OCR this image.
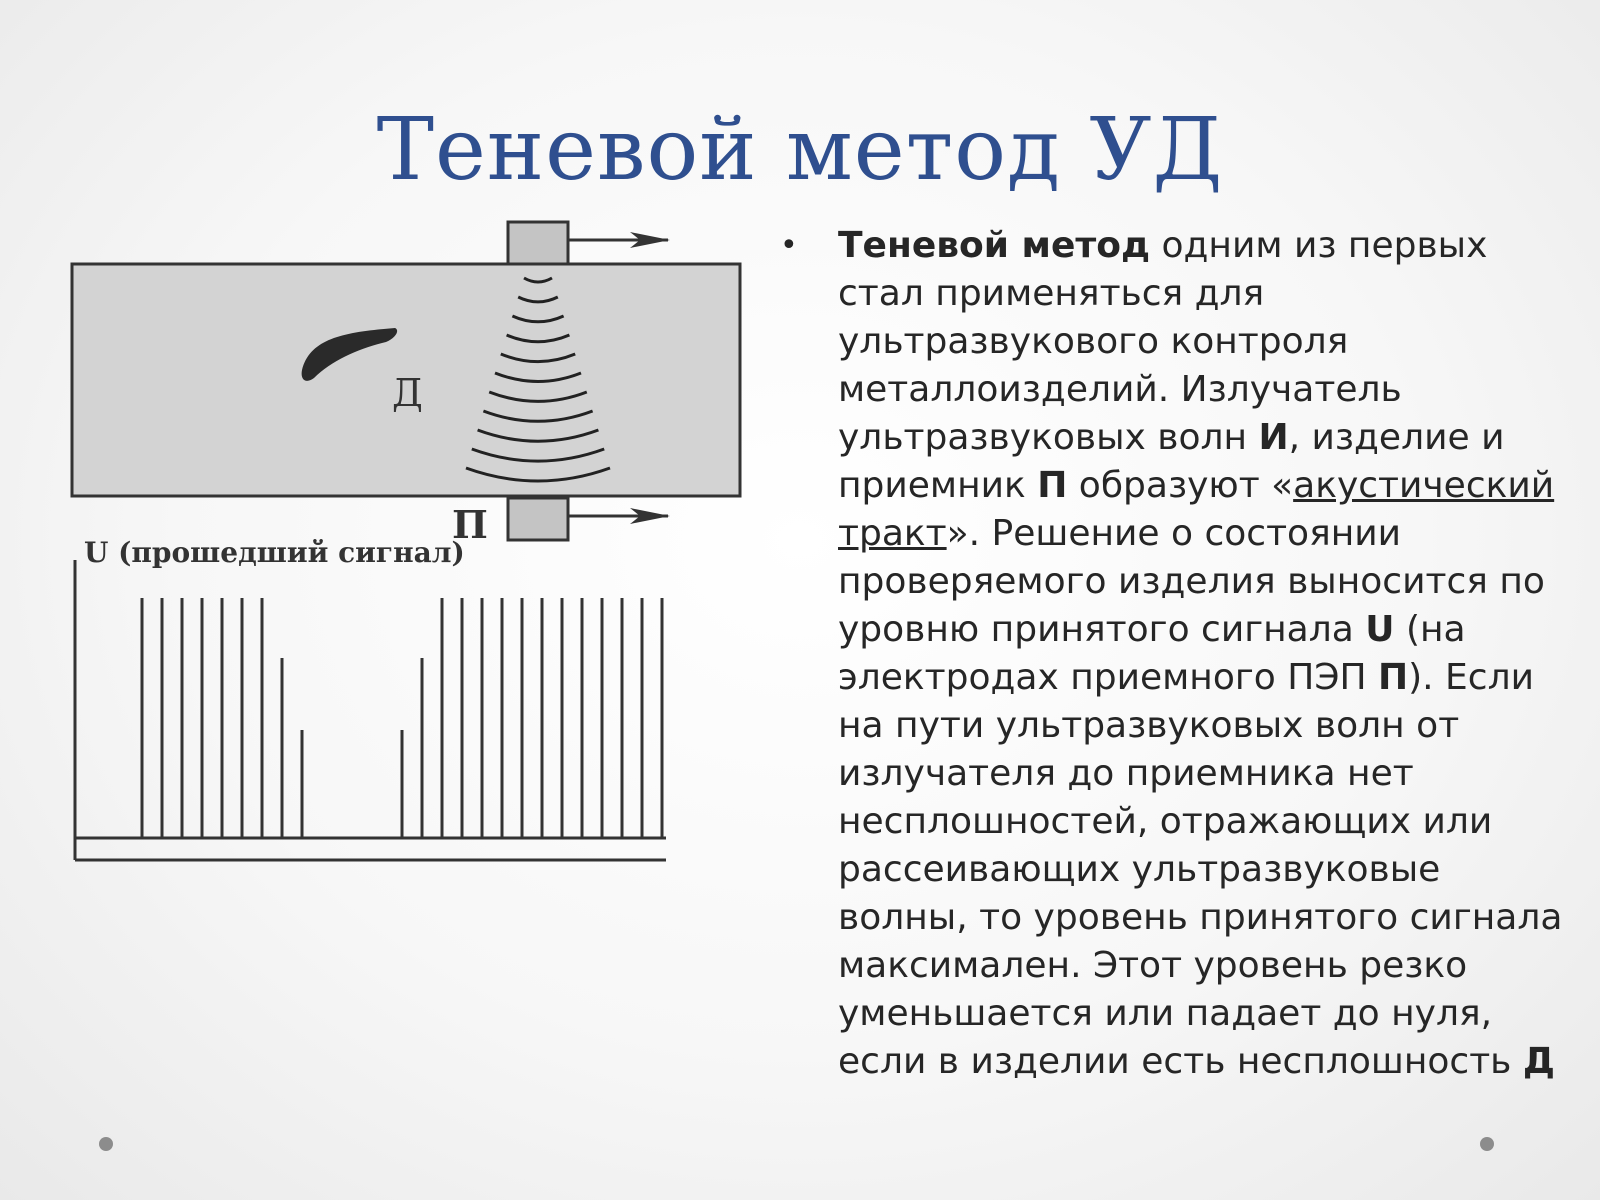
Теневой метод УД
Д
П
U (прошедший сигнал)

• Теневой метод одним из первых стал применяться для ультразвукового контроля металлоизделий. Излучатель ультразвуковых волн И, изделие и приемник П образуют «акустический тракт». Решение о состоянии проверяемого изделия выносится по уровню принятого сигнала U (на электродах приемного ПЭП П). Если на пути ультразвуковых волн от излучателя до приемника нет несплошностей, отражающих или рассеивающих ультразвуковые волны, то уровень принятого сигнала максимален. Этот уровень резко уменьшается или падает до нуля, если в изделии есть несплошность Д
